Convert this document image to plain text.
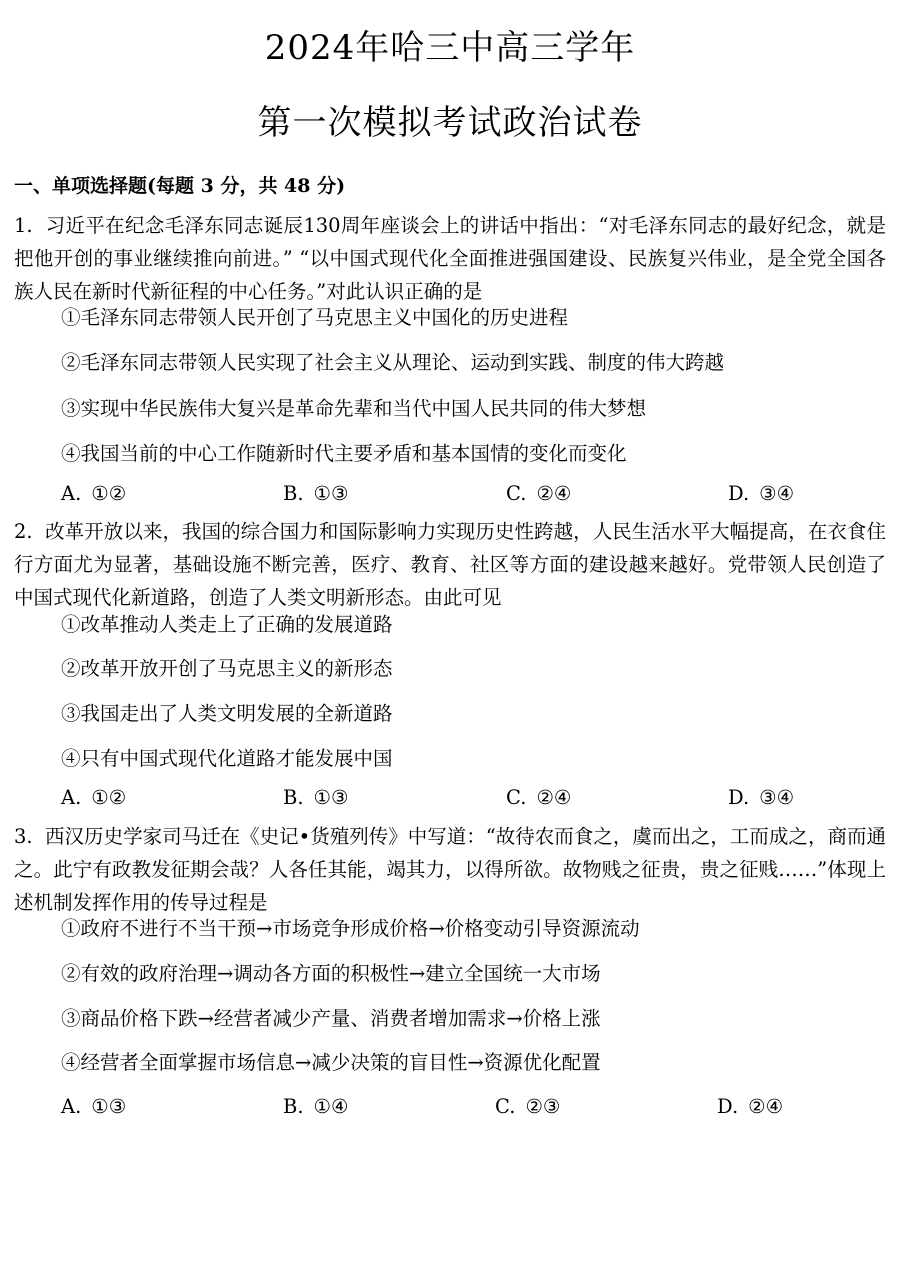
2024年哈三中高三学年
第一次模拟考试政治试卷
一、单项选择题(每题 3 分，共 48 分)
1. 习近平在纪念毛泽东同志诞辰130周年座谈会上的讲话中指出：“对毛泽东同志的最好纪念，就是把他开创的事业继续推向前进。” “以中国式现代化全面推进强国建设、民族复兴伟业，是全党全国各族人民在新时代新征程的中心任务。”对此认识正确的是
①毛泽东同志带领人民开创了马克思主义中国化的历史进程
②毛泽东同志带领人民实现了社会主义从理论、运动到实践、制度的伟大跨越
③实现中华民族伟大复兴是革命先辈和当代中国人民共同的伟大梦想
④我国当前的中心工作随新时代主要矛盾和基本国情的变化而变化
A. ①②	B. ①③	C. ②④	D. ③④
2. 改革开放以来，我国的综合国力和国际影响力实现历史性跨越，人民生活水平大幅提高，在衣食住行方面尤为显著，基础设施不断完善，医疗、教育、社区等方面的建设越来越好。党带领人民创造了中国式现代化新道路，创造了人类文明新形态。由此可见
①改革推动人类走上了正确的发展道路
②改革开放开创了马克思主义的新形态
③我国走出了人类文明发展的全新道路
④只有中国式现代化道路才能发展中国
A. ①②	B. ①③	C. ②④	D. ③④
3. 西汉历史学家司马迁在《史记•货殖列传》中写道：“故待农而食之，虞而出之，工而成之，商而通之。此宁有政教发征期会哉？人各任其能，竭其力，以得所欲。故物贱之征贵，贵之征贱……”体现上述机制发挥作用的传导过程是
①政府不进行不当干预→市场竞争形成价格→价格变动引导资源流动
②有效的政府治理→调动各方面的积极性→建立全国统一大市场
③商品价格下跌→经营者减少产量、消费者增加需求→价格上涨
④经营者全面掌握市场信息→减少决策的盲目性→资源优化配置
A. ①③	B. ①④	C. ②③	D. ②④
